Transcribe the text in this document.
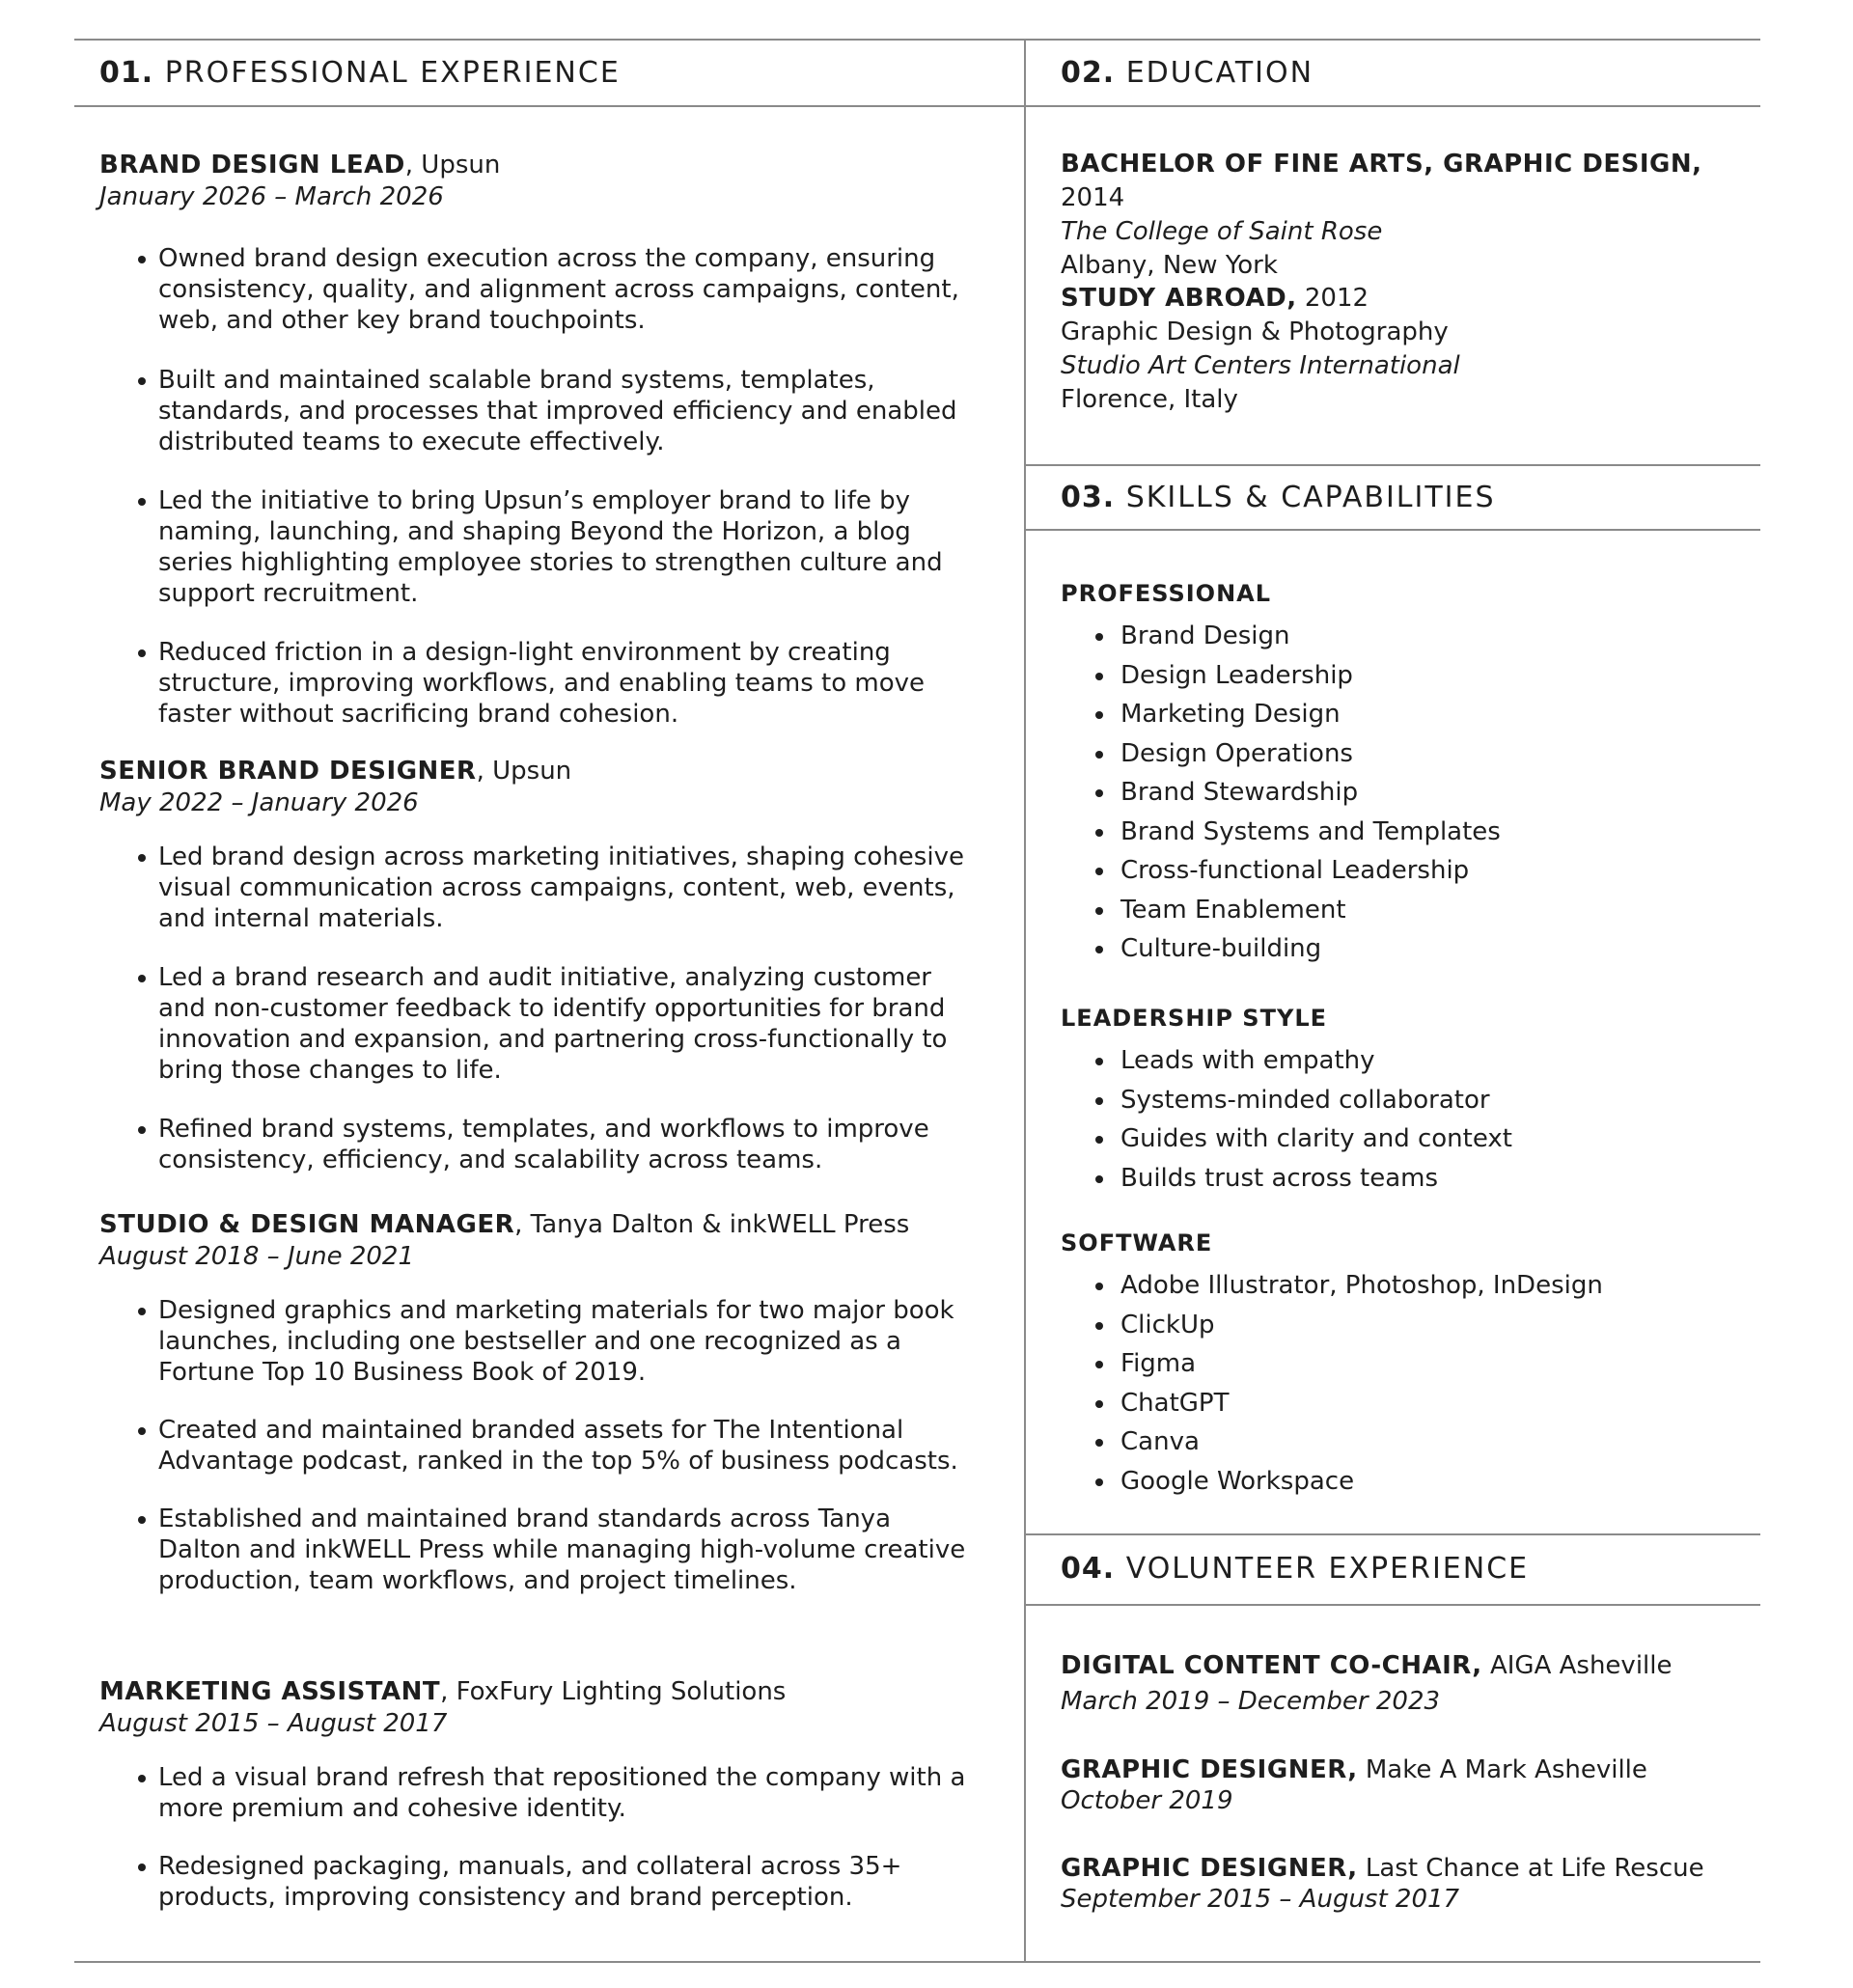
01. PROFESSIONAL EXPERIENCE
BRAND DESIGN LEAD, Upsun
January 2026 – March 2026
Owned brand design execution across the company, ensuring consistency, quality, and alignment across campaigns, content, web, and other key brand touchpoints.
Built and maintained scalable brand systems, templates, standards, and processes that improved efficiency and enabled distributed teams to execute effectively.
Led the initiative to bring Upsun’s employer brand to life by naming, launching, and shaping Beyond the Horizon, a blog series highlighting employee stories to strengthen culture and support recruitment.
Reduced friction in a design-light environment by creating structure, improving workflows, and enabling teams to move faster without sacrificing brand cohesion.
SENIOR BRAND DESIGNER, Upsun
May 2022 – January 2026
Led brand design across marketing initiatives, shaping cohesive visual communication across campaigns, content, web, events, and internal materials.
Led a brand research and audit initiative, analyzing customer and non-customer feedback to identify opportunities for brand innovation and expansion, and partnering cross-functionally to bring those changes to life.
Refined brand systems, templates, and workflows to improve consistency, efficiency, and scalability across teams.
STUDIO & DESIGN MANAGER, Tanya Dalton & inkWELL Press
August 2018 – June 2021
Designed graphics and marketing materials for two major book launches, including one bestseller and one recognized as a Fortune Top 10 Business Book of 2019.
Created and maintained branded assets for The Intentional Advantage podcast, ranked in the top 5% of business podcasts.
Established and maintained brand standards across Tanya Dalton and inkWELL Press while managing high-volume creative production, team workflows, and project timelines.
MARKETING ASSISTANT, FoxFury Lighting Solutions
August 2015 – August 2017
Led a visual brand refresh that repositioned the company with a more premium and cohesive identity.
Redesigned packaging, manuals, and collateral across 35+ products, improving consistency and brand perception.
02. EDUCATION
BACHELOR OF FINE ARTS, GRAPHIC DESIGN, 2014
The College of Saint Rose
Albany, New York
STUDY ABROAD, 2012
Graphic Design & Photography
Studio Art Centers International
Florence, Italy
03. SKILLS & CAPABILITIES
PROFESSIONAL
Brand Design
Design Leadership
Marketing Design
Design Operations
Brand Stewardship
Brand Systems and Templates
Cross-functional Leadership
Team Enablement
Culture-building
LEADERSHIP STYLE
Leads with empathy
Systems-minded collaborator
Guides with clarity and context
Builds trust across teams
SOFTWARE
Adobe Illustrator, Photoshop, InDesign
ClickUp
Figma
ChatGPT
Canva
Google Workspace
04. VOLUNTEER EXPERIENCE
DIGITAL CONTENT CO-CHAIR, AIGA Asheville
March 2019 – December 2023
GRAPHIC DESIGNER, Make A Mark Asheville
October 2019
GRAPHIC DESIGNER, Last Chance at Life Rescue
September 2015 – August 2017
